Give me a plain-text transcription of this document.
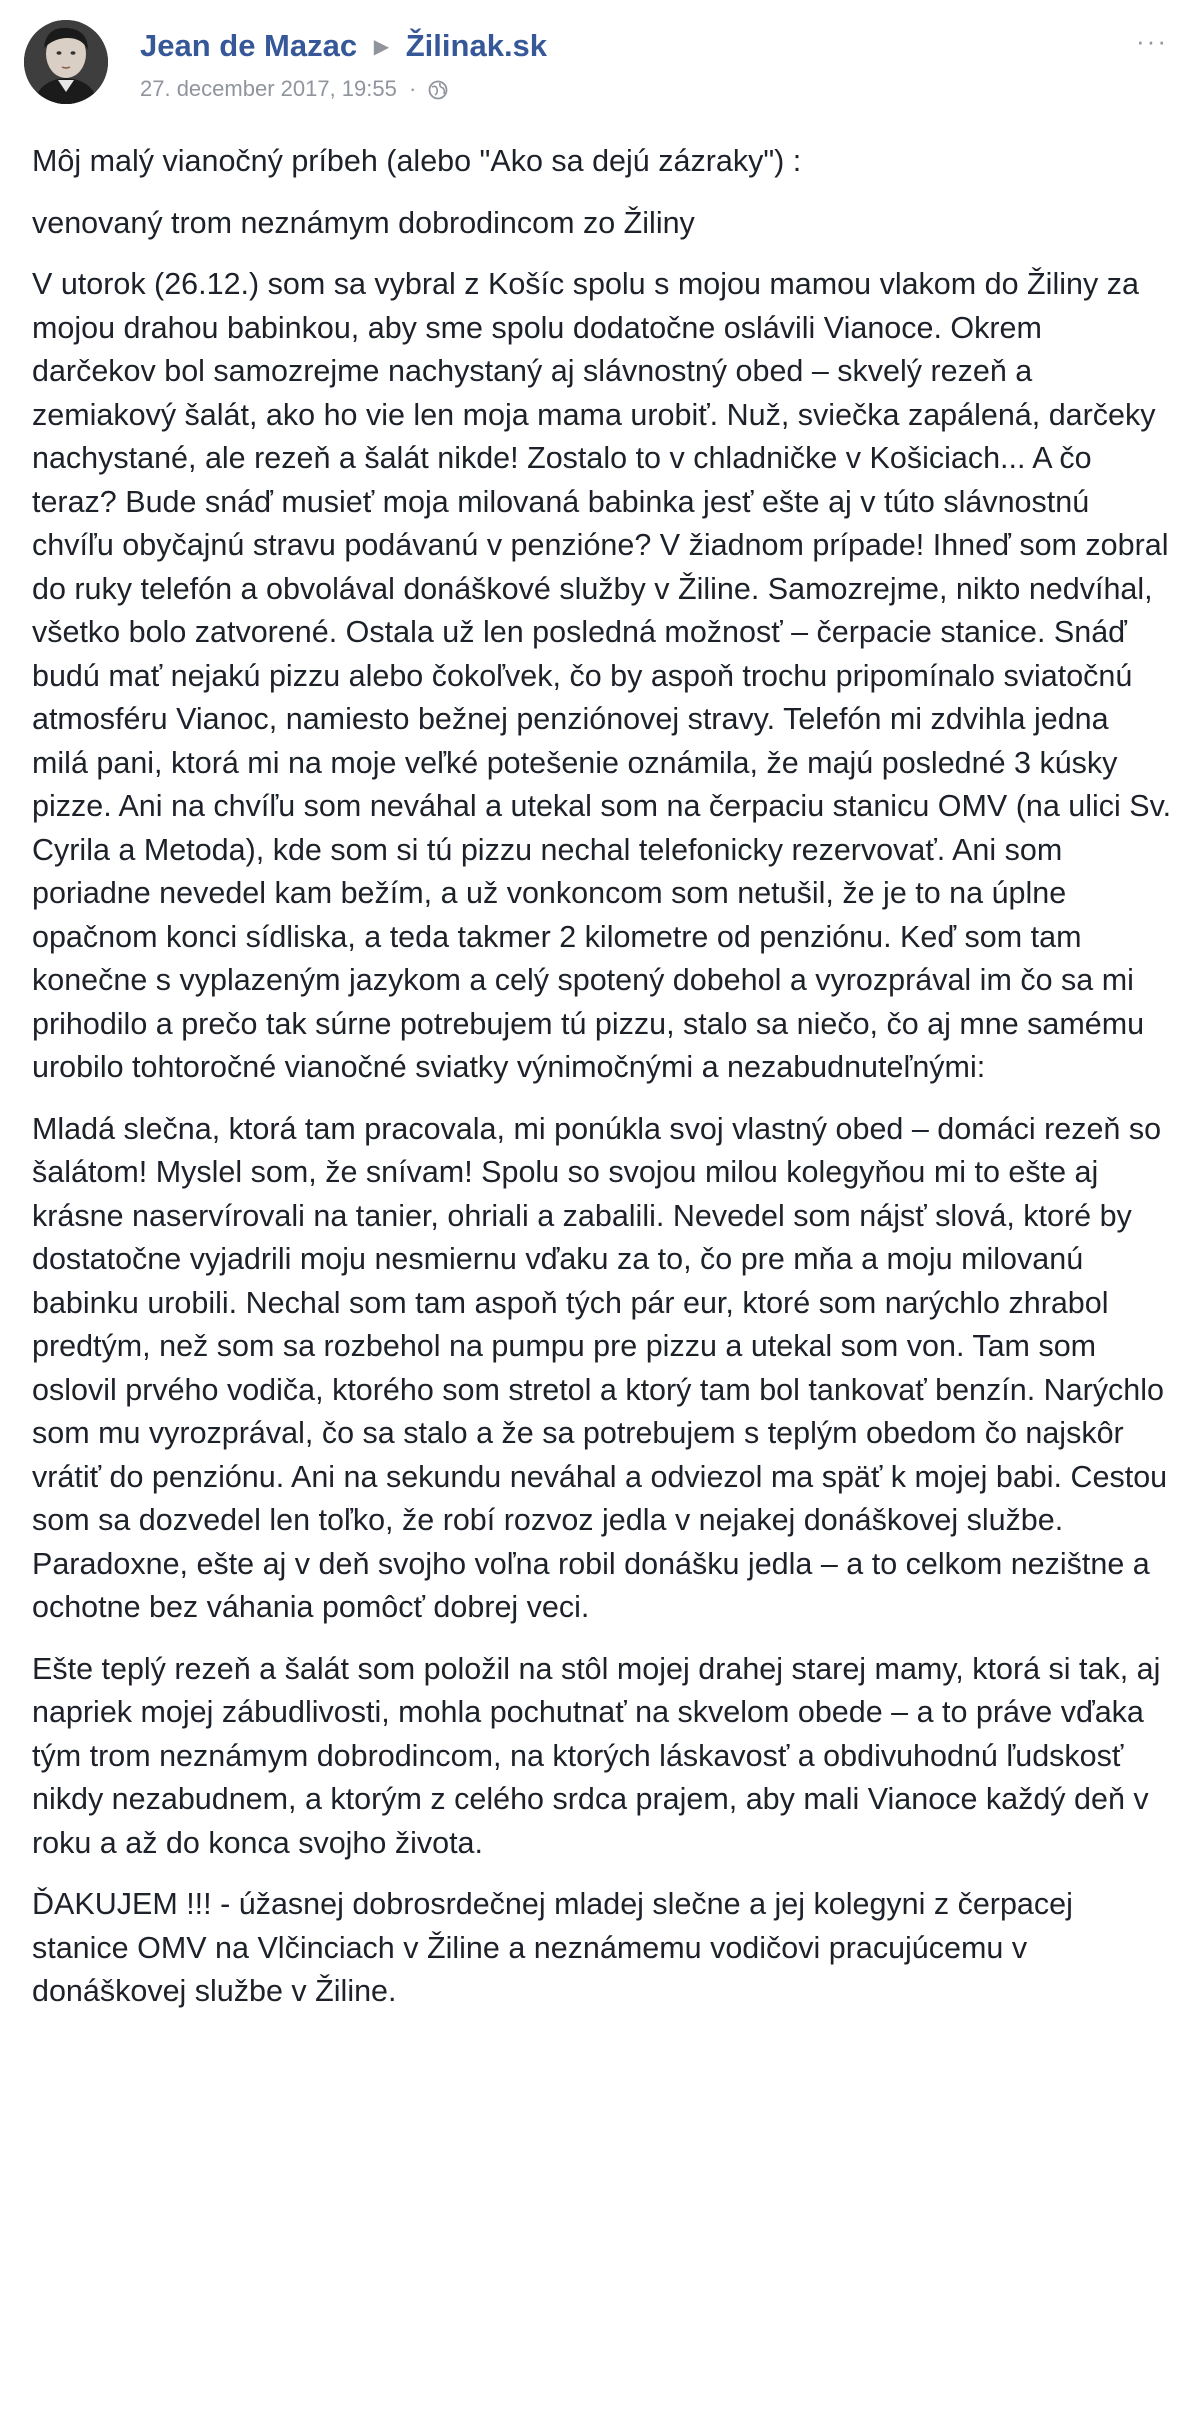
Jean de Mazac ▶ Žilinak.sk
27. december 2017, 19:55 ·
···

Môj malý vianočný príbeh (alebo "Ako sa dejú zázraky") :

venovaný trom neznámym dobrodincom zo Žiliny

V utorok (26.12.) som sa vybral z Košíc spolu s mojou mamou vlakom do Žiliny za mojou drahou babinkou, aby sme spolu dodatočne oslávili Vianoce. Okrem darčekov bol samozrejme nachystaný aj slávnostný obed – skvelý rezeň a zemiakový šalát, ako ho vie len moja mama urobiť. Nuž, sviečka zapálená, darčeky nachystané, ale rezeň a šalát nikde! Zostalo to v chladničke v Košiciach... A čo teraz? Bude snáď musieť moja milovaná babinka jesť ešte aj v túto slávnostnú chvíľu obyčajnú stravu podávanú v penzióne? V žiadnom prípade! Ihneď som zobral do ruky telefón a obvolával donáškové služby v Žiline. Samozrejme, nikto nedvíhal, všetko bolo zatvorené. Ostala už len posledná možnosť – čerpacie stanice. Snáď budú mať nejakú pizzu alebo čokoľvek, čo by aspoň trochu pripomínalo sviatočnú atmosféru Vianoc, namiesto bežnej penziónovej stravy. Telefón mi zdvihla jedna milá pani, ktorá mi na moje veľké potešenie oznámila, že majú posledné 3 kúsky pizze. Ani na chvíľu som neváhal a utekal som na čerpaciu stanicu OMV (na ulici Sv. Cyrila a Metoda), kde som si tú pizzu nechal telefonicky rezervovať. Ani som poriadne nevedel kam bežím, a už vonkoncom som netušil, že je to na úplne opačnom konci sídliska, a teda takmer 2 kilometre od penziónu. Keď som tam konečne s vyplazeným jazykom a celý spotený dobehol a vyrozprával im čo sa mi prihodilo a prečo tak súrne potrebujem tú pizzu, stalo sa niečo, čo aj mne samému urobilo tohtoročné vianočné sviatky výnimočnými a nezabudnuteľnými:

Mladá slečna, ktorá tam pracovala, mi ponúkla svoj vlastný obed – domáci rezeň so šalátom! Myslel som, že snívam! Spolu so svojou milou kolegyňou mi to ešte aj krásne naservírovali na tanier, ohriali a zabalili. Nevedel som nájsť slová, ktoré by dostatočne vyjadrili moju nesmiernu vďaku za to, čo pre mňa a moju milovanú babinku urobili. Nechal som tam aspoň tých pár eur, ktoré som narýchlo zhrabol predtým, než som sa rozbehol na pumpu pre pizzu a utekal som von. Tam som oslovil prvého vodiča, ktorého som stretol a ktorý tam bol tankovať benzín. Narýchlo som mu vyrozprával, čo sa stalo a že sa potrebujem s teplým obedom čo najskôr vrátiť do penziónu. Ani na sekundu neváhal a odviezol ma späť k mojej babi. Cestou som sa dozvedel len toľko, že robí rozvoz jedla v nejakej donáškovej službe. Paradoxne, ešte aj v deň svojho voľna robil donášku jedla – a to celkom nezištne a ochotne bez váhania pomôcť dobrej veci.

Ešte teplý rezeň a šalát som položil na stôl mojej drahej starej mamy, ktorá si tak, aj napriek mojej zábudlivosti, mohla pochutnať na skvelom obede – a to práve vďaka tým trom neznámym dobrodincom, na ktorých láskavosť a obdivuhodnú ľudskosť nikdy nezabudnem, a ktorým z celého srdca prajem, aby mali Vianoce každý deň v roku a až do konca svojho života.

ĎAKUJEM !!! - úžasnej dobrosrdečnej mladej slečne a jej kolegyni z čerpacej stanice OMV na Vlčinciach v Žiline a neznámemu vodičovi pracujúcemu v donáškovej službe v Žiline.
